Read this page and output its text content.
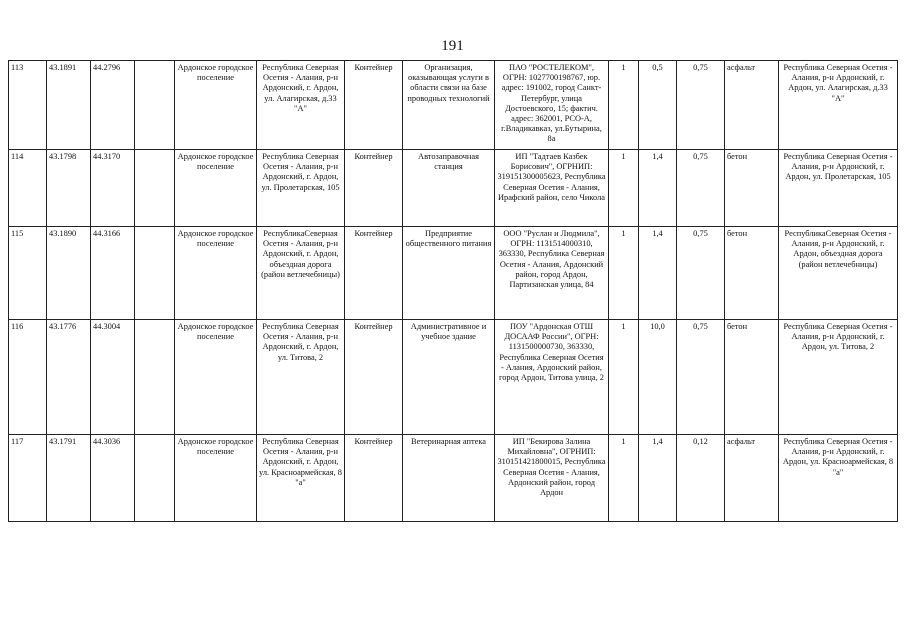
191
113	43.1891	44.2796		Ардонское городское поселение	Республика Северная Осетия - Алания, р-н Ардонский, г. Ардон, ул. Алагирская, д.33 "А"	Контейнер	Организация, оказывающая услуги в области связи на базе проводных технологий	ПАО "РОСТЕЛЕКОМ", ОГРН: 1027700198767, юр. адрес: 191002, город Санкт-Петербург, улица Достоевского, 15; фактич. адрес: 362001, РСО-А, г.Владикавказ, ул.Бутырина, 8а	1	0,5	0,75	асфальт	Республика Северная Осетия - Алания, р-н Ардонский, г. Ардон, ул. Алагирская, д.33 "А"
114	43.1798	44.3170		Ардонское городское поселение	Республика Северная Осетия - Алания, р-н Ардонский, г. Ардон, ул. Пролетарская, 105	Контейнер	Автозаправочная станция	ИП "Тадтаев Казбек Борисович", ОГРНИП: 319151300005623, Республика Северная Осетия - Алания, Ирафский район, село Чикола	1	1,4	0,75	бетон	Республика Северная Осетия - Алания, р-н Ардонский, г. Ардон, ул. Пролетарская, 105
115	43.1890	44.3166		Ардонское городское поселение	РеспубликаСеверная Осетия - Алания, р-н Ардонский, г. Ардон, объездная дорога (район ветлечебницы)	Контейнер	Предприятие общественного питания	ООО "Руслан и Людмила", ОГРН: 1131514000310, 363330, Республика Северная Осетия - Алания, Ардонский район, город Ардон, Партизанская улица, 84	1	1,4	0,75	бетон	РеспубликаСеверная Осетия - Алания, р-н Ардонский, г. Ардон, объездная дорога (район ветлечебницы)
116	43.1776	44.3004		Ардонское городское поселение	Республика Северная Осетия - Алания, р-н Ардонский, г. Ардон, ул. Титова, 2	Контейнер	Административное и учебное здание	ПОУ "Ардонская ОТШ ДОСААФ России", ОГРН: 1131500000730, 363330, Республика Северная Осетия - Алания, Ардонский район, город Ардон, Титова улица, 2	1	10,0	0,75	бетон	Республика Северная Осетия - Алания, р-н Ардонский, г. Ардон, ул. Титова, 2
117	43.1791	44.3036		Ардонское городское поселение	Республика Северная Осетия - Алания, р-н Ардонский, г. Ардон, ул. Красноармейская, 8 "а"	Контейнер	Ветеринарная аптека	ИП "Бекирова Залина Михайловна", ОГРНИП: 310151421800015, Республика Северная Осетия - Алания, Ардонский район, город Ардон	1	1,4	0,12	асфальт	Республика Северная Осетия - Алания, р-н Ардонский, г. Ардон, ул. Красноармейская, 8 "а"
